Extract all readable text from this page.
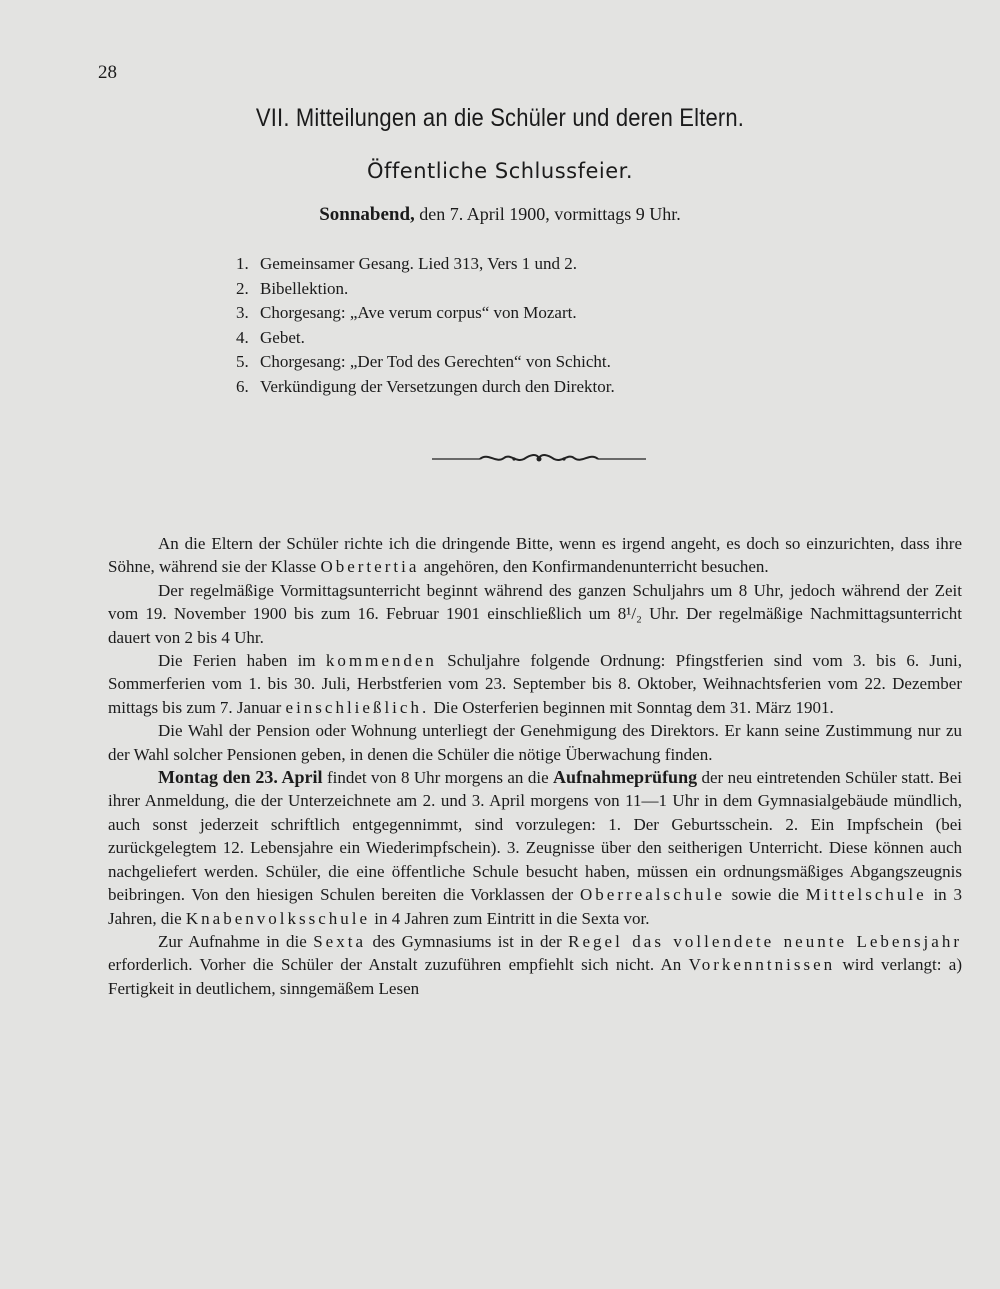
28
VII. Mitteilungen an die Schüler und deren Eltern.
Öffentliche Schlussfeier.
Sonnabend, den 7. April 1900, vormittags 9 Uhr.
1. Gemeinsamer Gesang. Lied 313, Vers 1 und 2.
2. Bibellektion.
3. Chorgesang: „Ave verum corpus“ von Mozart.
4. Gebet.
5. Chorgesang: „Der Tod des Gerechten“ von Schicht.
6. Verkündigung der Versetzungen durch den Direktor.

An die Eltern der Schüler richte ich die dringende Bitte, wenn es irgend angeht, es doch so einzurichten, dass ihre Söhne, während sie der Klasse Obertertia angehören, den Konfirmandenunterricht besuchen.

Der regelmäßige Vormittagsunterricht beginnt während des ganzen Schuljahrs um 8 Uhr, jedoch während der Zeit vom 19. November 1900 bis zum 16. Februar 1901 einschließlich um 8¹/₂ Uhr. Der regelmäßige Nachmittagsunterricht dauert von 2 bis 4 Uhr.

Die Ferien haben im kommenden Schuljahre folgende Ordnung: Pfingstferien sind vom 3. bis 6. Juni, Sommerferien vom 1. bis 30. Juli, Herbstferien vom 23. September bis 8. Oktober, Weihnachtsferien vom 22. Dezember mittags bis zum 7. Januar einschließlich. Die Osterferien beginnen mit Sonntag dem 31. März 1901.

Die Wahl der Pension oder Wohnung unterliegt der Genehmigung des Direktors. Er kann seine Zustimmung nur zu der Wahl solcher Pensionen geben, in denen die Schüler die nötige Überwachung finden.

Montag den 23. April findet von 8 Uhr morgens an die Aufnahmeprüfung der neu eintretenden Schüler statt. Bei ihrer Anmeldung, die der Unterzeichnete am 2. und 3. April morgens von 11—1 Uhr in dem Gymnasialgebäude mündlich, auch sonst jederzeit schriftlich entgegennimmt, sind vorzulegen: 1. Der Geburtsschein. 2. Ein Impfschein (bei zurückgelegtem 12. Lebensjahre ein Wiederimpfschein). 3. Zeugnisse über den seitherigen Unterricht. Diese können auch nachgeliefert werden. Schüler, die eine öffentliche Schule besucht haben, müssen ein ordnungsmäßiges Abgangszeugnis beibringen. Von den hiesigen Schulen bereiten die Vorklassen der Oberrealschule sowie die Mittelschule in 3 Jahren, die Knabenvolksschule in 4 Jahren zum Eintritt in die Sexta vor.

Zur Aufnahme in die Sexta des Gymnasiums ist in der Regel das vollendete neunte Lebensjahr erforderlich. Vorher die Schüler der Anstalt zuzuführen empfiehlt sich nicht. An Vorkenntnissen wird verlangt: a) Fertigkeit in deutlichem, sinngemäßem Lesen
